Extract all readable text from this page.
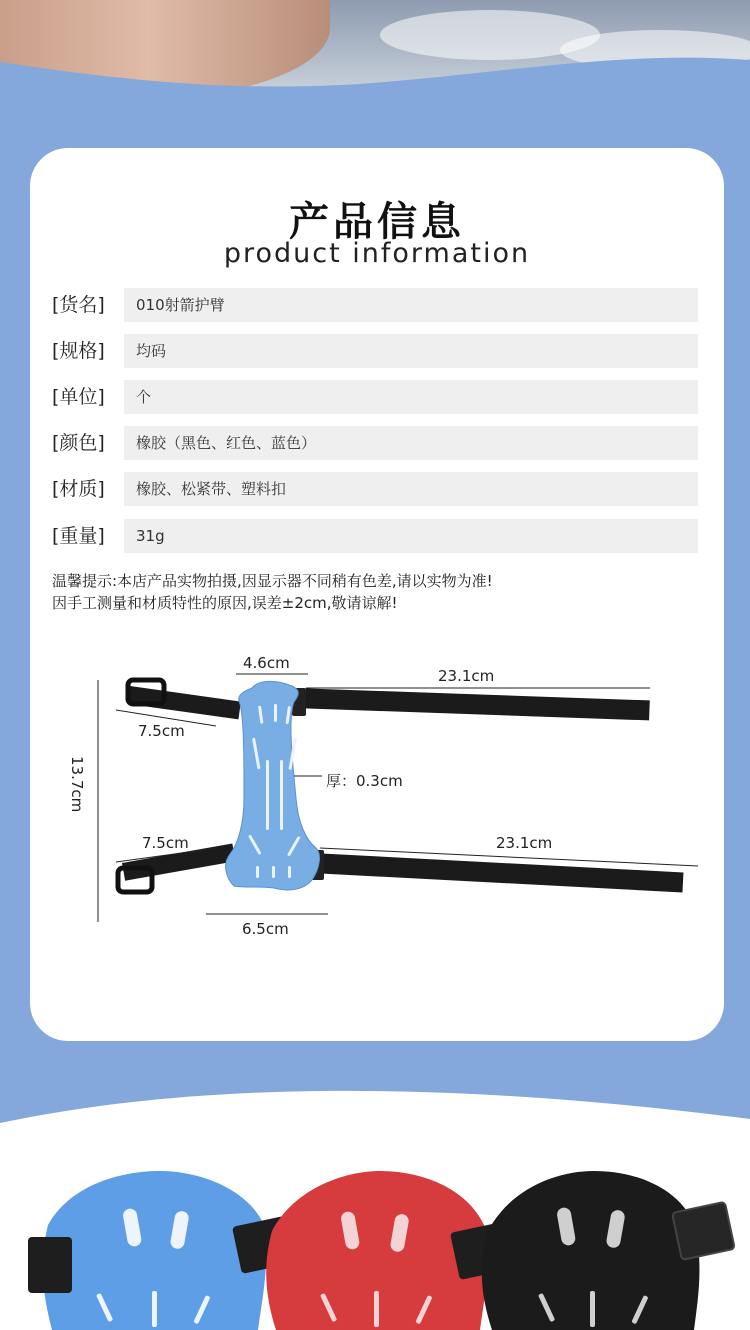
产品信息
product information
[货名]	010射箭护臂
[规格]	均码
[单位]	个
[颜色]	橡胶（黑色、红色、蓝色）
[材质]	橡胶、松紧带、塑料扣
[重量]	31g
温馨提示:本店产品实物拍摄,因显示器不同稍有色差,请以实物为准!
因手工测量和材质特性的原因,误差±2cm,敬请谅解!
4.6cm
23.1cm
7.5cm
13.7cm	厚：0.3cm
7.5cm	23.1cm
6.5cm
